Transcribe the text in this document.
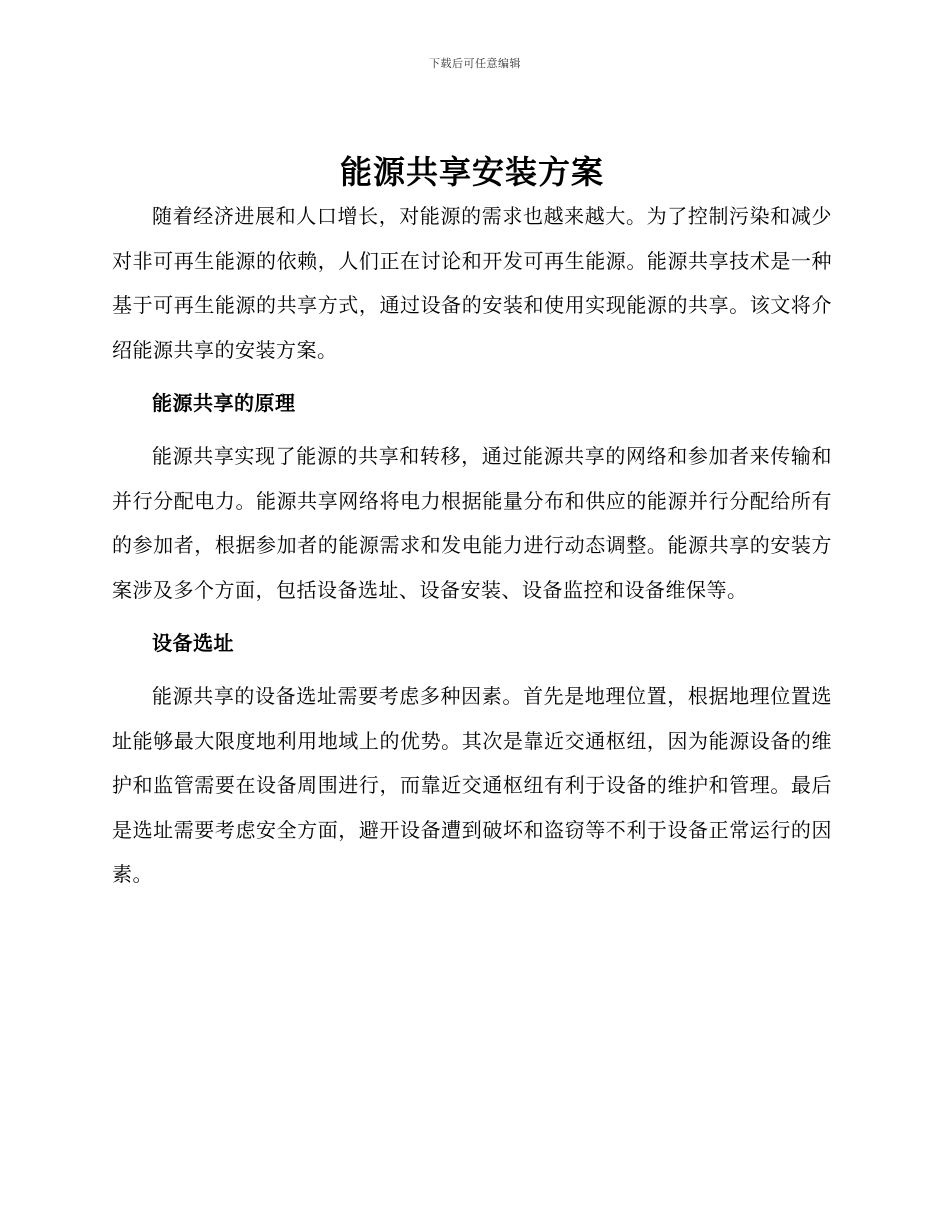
下载后可任意编辑
能源共享安装方案

随着经济进展和人口增长，对能源的需求也越来越大。为了控制污染和减少对非可再生能源的依赖，人们正在讨论和开发可再生能源。能源共享技术是一种基于可再生能源的共享方式，通过设备的安装和使用实现能源的共享。该文将介绍能源共享的安装方案。

能源共享的原理

能源共享实现了能源的共享和转移，通过能源共享的网络和参加者来传输和并行分配电力。能源共享网络将电力根据能量分布和供应的能源并行分配给所有的参加者，根据参加者的能源需求和发电能力进行动态调整。能源共享的安装方案涉及多个方面，包括设备选址、设备安装、设备监控和设备维保等。

设备选址

能源共享的设备选址需要考虑多种因素。首先是地理位置，根据地理位置选址能够最大限度地利用地域上的优势。其次是靠近交通枢纽，因为能源设备的维护和监管需要在设备周围进行，而靠近交通枢纽有利于设备的维护和管理。最后是选址需要考虑安全方面，避开设备遭到破坏和盗窃等不利于设备正常运行的因素。
